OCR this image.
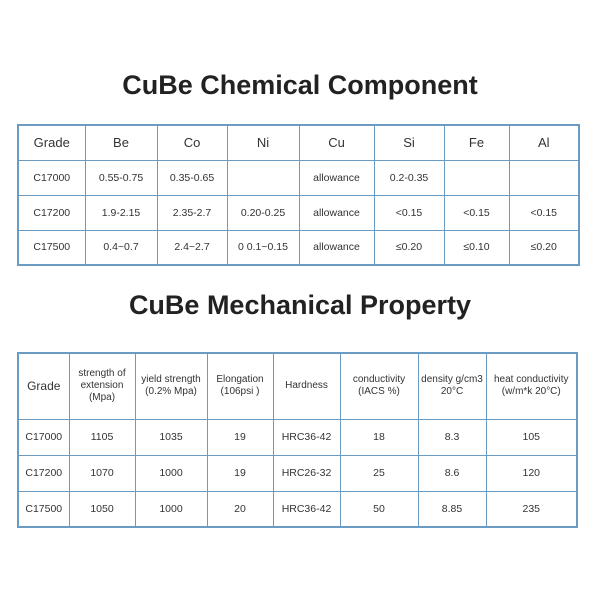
CuBe Chemical Component
Grade	Be	Co	Ni	Cu	Si	Fe	Al
C17000	0.55-0.75	0.35-0.65		allowance	0.2-0.35		
C17200	1.9-2.15	2.35-2.7	0.20-0.25	allowance	<0.15	<0.15	<0.15
C17500	0.4~0.7	2.4~2.7	0 0.1~0.15	allowance	≤0.20	≤0.10	≤0.20
CuBe Mechanical Property
Grade	strength of extension (Mpa)	yield strength (0.2% Mpa)	Elongation (106psi )	Hardness	conductivity (IACS %)	density g/cm3 20°C	heat conductivity (w/m*k 20°C)
C17000	1105	1035	19	HRC36-42	18	8.3	105
C17200	1070	1000	19	HRC26-32	25	8.6	120
C17500	1050	1000	20	HRC36-42	50	8.85	235
